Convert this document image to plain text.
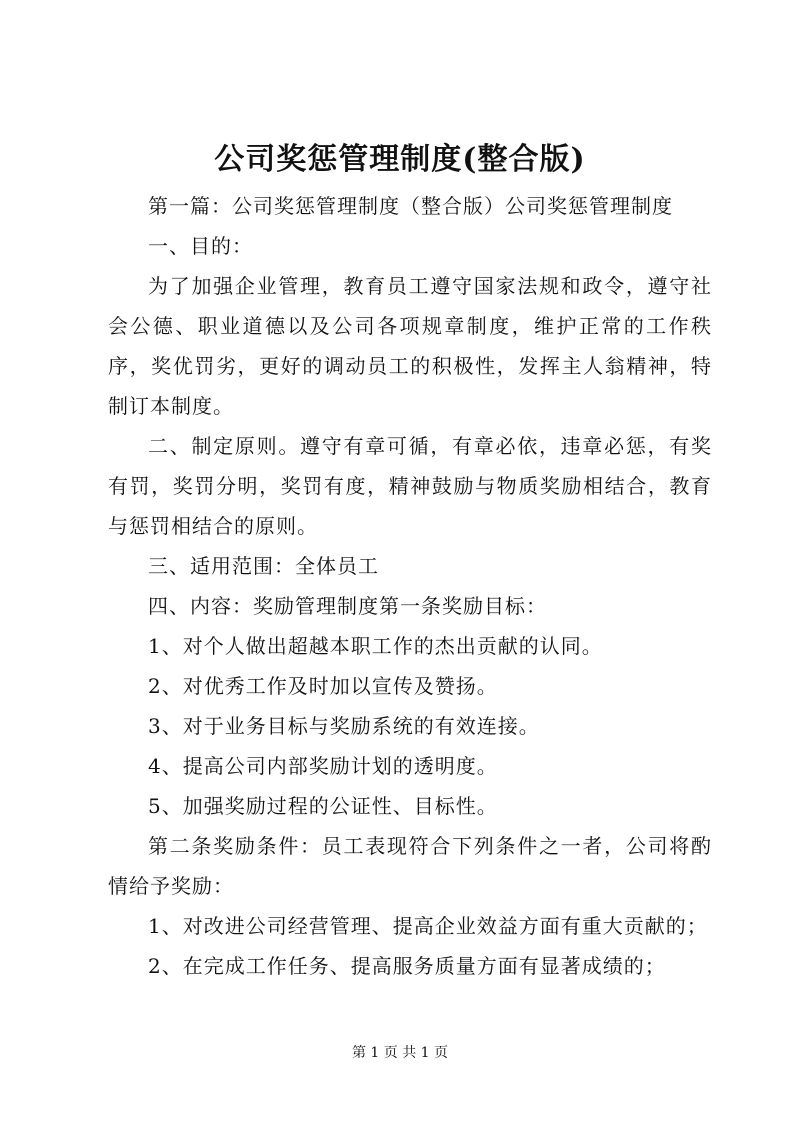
公司奖惩管理制度(整合版)

第一篇：公司奖惩管理制度（整合版）公司奖惩管理制度

一、目的：

为了加强企业管理，教育员工遵守国家法规和政令，遵守社会公德、职业道德以及公司各项规章制度，维护正常的工作秩序，奖优罚劣，更好的调动员工的积极性，发挥主人翁精神，特制订本制度。

二、制定原则。遵守有章可循，有章必依，违章必惩，有奖有罚，奖罚分明，奖罚有度，精神鼓励与物质奖励相结合，教育与惩罚相结合的原则。

三、适用范围：全体员工

四、内容：奖励管理制度第一条奖励目标：

1、对个人做出超越本职工作的杰出贡献的认同。

2、对优秀工作及时加以宣传及赞扬。

3、对于业务目标与奖励系统的有效连接。

4、提高公司内部奖励计划的透明度。

5、加强奖励过程的公证性、目标性。

第二条奖励条件：员工表现符合下列条件之一者，公司将酌情给予奖励：

1、对改进公司经营管理、提高企业效益方面有重大贡献的；

2、在完成工作任务、提高服务质量方面有显著成绩的；

第 1 页 共 1 页
